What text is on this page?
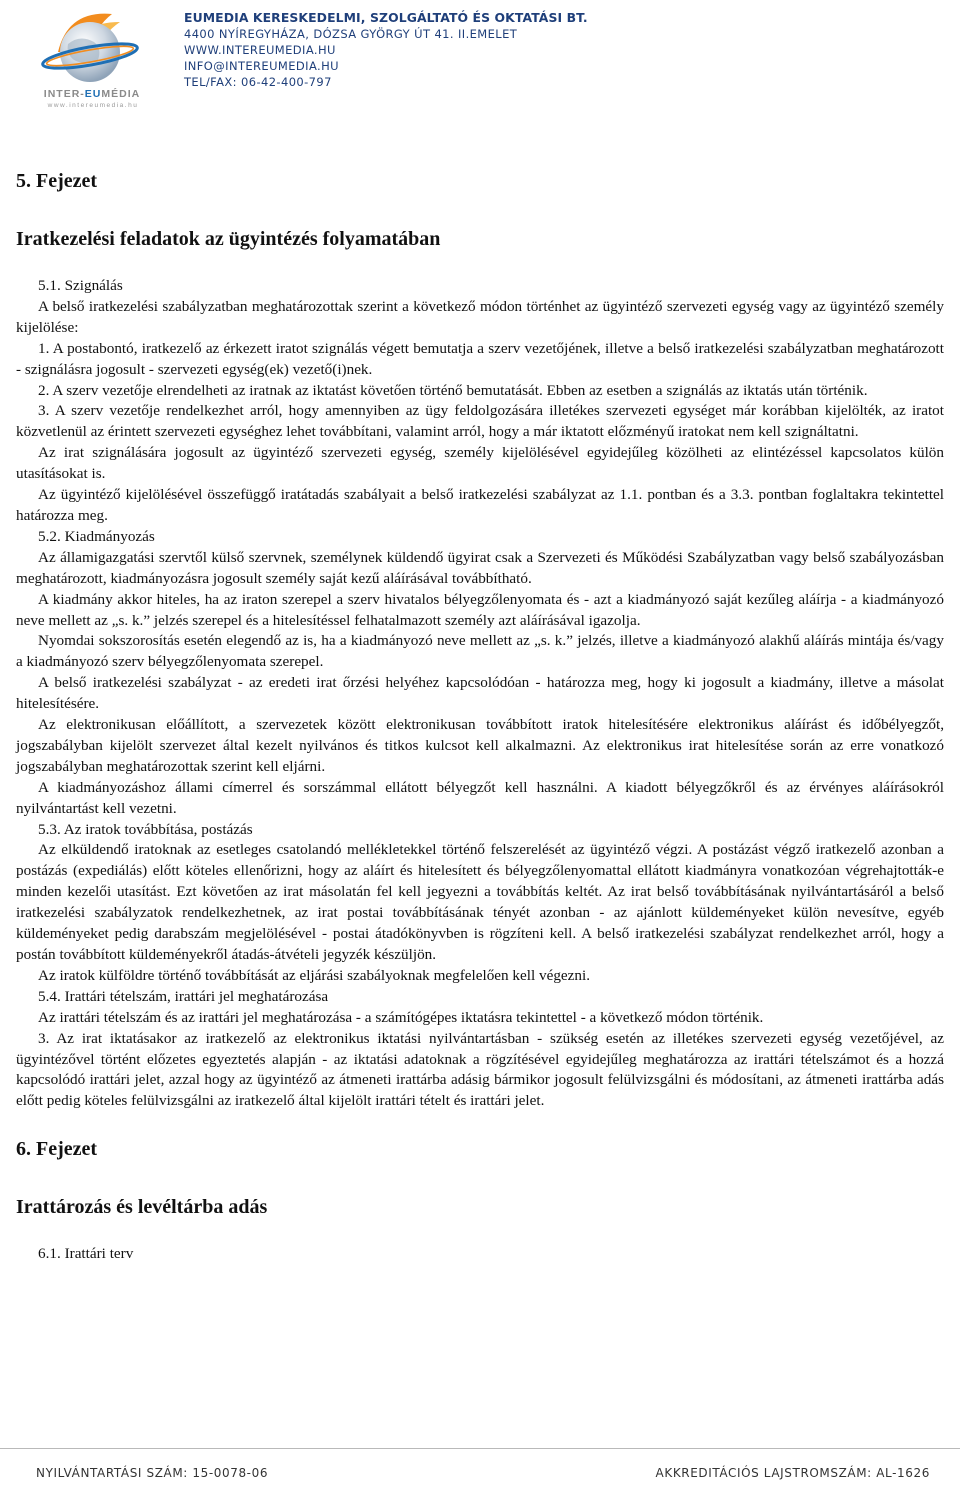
INTER-EUMÉDIA
www.intereumedia.hu
EUMEDIA KERESKEDELMI, SZOLGÁLTATÓ ÉS OKTATÁSI BT.
4400 NYÍREGYHÁZA, DÓZSA GYÖRGY ÚT 41. II.EMELET
WWW.INTEREUMEDIA.HU
INFO@INTEREUMEDIA.HU
TEL/FAX: 06-42-400-797

5. Fejezet

Iratkezelési feladatok az ügyintézés folyamatában

5.1. Szignálás

A belső iratkezelési szabályzatban meghatározottak szerint a következő módon történhet az ügyintéző szervezeti egység vagy az ügyintéző személy kijelölése:

1. A postabontó, iratkezelő az érkezett iratot szignálás végett bemutatja a szerv vezetőjének, illetve a belső iratkezelési szabályzatban meghatározott - szignálásra jogosult - szervezeti egység(ek) vezető(i)nek.

2. A szerv vezetője elrendelheti az iratnak az iktatást követően történő bemutatását. Ebben az esetben a szignálás az iktatás után történik.

3. A szerv vezetője rendelkezhet arról, hogy amennyiben az ügy feldolgozására illetékes szervezeti egységet már korábban kijelölték, az iratot közvetlenül az érintett szervezeti egységhez lehet továbbítani, valamint arról, hogy a már iktatott előzményű iratokat nem kell szignáltatni.

Az irat szignálására jogosult az ügyintéző szervezeti egység, személy kijelölésével egyidejűleg közölheti az elintézéssel kapcsolatos külön utasításokat is.

Az ügyintéző kijelölésével összefüggő iratátadás szabályait a belső iratkezelési szabályzat az 1.1. pontban és a 3.3. pontban foglaltakra tekintettel határozza meg.

5.2. Kiadmányozás

Az államigazgatási szervtől külső szervnek, személynek küldendő ügyirat csak a Szervezeti és Működési Szabályzatban vagy belső szabályozásban meghatározott, kiadmányozásra jogosult személy saját kezű aláírásával továbbítható.

A kiadmány akkor hiteles, ha az iraton szerepel a szerv hivatalos bélyegzőlenyomata és - azt a kiadmányozó saját kezűleg aláírja - a kiadmányozó neve mellett az „s. k.” jelzés szerepel és a hitelesítéssel felhatalmazott személy azt aláírásával igazolja.

Nyomdai sokszorosítás esetén elegendő az is, ha a kiadmányozó neve mellett az „s. k.” jelzés, illetve a kiadmányozó alakhű aláírás mintája és/vagy a kiadmányozó szerv bélyegzőlenyomata szerepel.

A belső iratkezelési szabályzat - az eredeti irat őrzési helyéhez kapcsolódóan - határozza meg, hogy ki jogosult a kiadmány, illetve a másolat hitelesítésére.

Az elektronikusan előállított, a szervezetek között elektronikusan továbbított iratok hitelesítésére elektronikus aláírást és időbélyegzőt, jogszabályban kijelölt szervezet által kezelt nyilvános és titkos kulcsot kell alkalmazni. Az elektronikus irat hitelesítése során az erre vonatkozó jogszabályban meghatározottak szerint kell eljárni.

A kiadmányozáshoz állami címerrel és sorszámmal ellátott bélyegzőt kell használni. A kiadott bélyegzőkről és az érvényes aláírásokról nyilvántartást kell vezetni.

5.3. Az iratok továbbítása, postázás

Az elküldendő iratoknak az esetleges csatolandó mellékletekkel történő felszerelését az ügyintéző végzi. A postázást végző iratkezelő azonban a postázás (expediálás) előtt köteles ellenőrizni, hogy az aláírt és hitelesített és bélyegzőlenyomattal ellátott kiadmányra vonatkozóan végrehajtották-e minden kezelői utasítást. Ezt követően az irat másolatán fel kell jegyezni a továbbítás keltét. Az irat belső továbbításának nyilvántartásáról a belső iratkezelési szabályzatok rendelkezhetnek, az irat postai továbbításának tényét azonban - az ajánlott küldeményeket külön nevesítve, egyéb küldeményeket pedig darabszám megjelölésével - postai átadókönyvben is rögzíteni kell. A belső iratkezelési szabályzat rendelkezhet arról, hogy a postán továbbított küldeményekről átadás-átvételi jegyzék készüljön.

Az iratok külföldre történő továbbítását az eljárási szabályoknak megfelelően kell végezni.

5.4. Irattári tételszám, irattári jel meghatározása

Az irattári tételszám és az irattári jel meghatározása - a számítógépes iktatásra tekintettel - a következő módon történik.

3. Az irat iktatásakor az iratkezelő az elektronikus iktatási nyilvántartásban - szükség esetén az illetékes szervezeti egység vezetőjével, az ügyintézővel történt előzetes egyeztetés alapján - az iktatási adatoknak a rögzítésével egyidejűleg meghatározza az irattári tételszámot és a hozzá kapcsolódó irattári jelet, azzal hogy az ügyintéző az átmeneti irattárba adásig bármikor jogosult felülvizsgálni és módosítani, az átmeneti irattárba adás előtt pedig köteles felülvizsgálni az iratkezelő által kijelölt irattári tételt és irattári jelet.

6. Fejezet

Irattározás és levéltárba adás

6.1. Irattári terv

NYILVÁNTARTÁSI SZÁM: 15-0078-06	AKKREDITÁCIÓS LAJSTROMSZÁM: AL-1626
